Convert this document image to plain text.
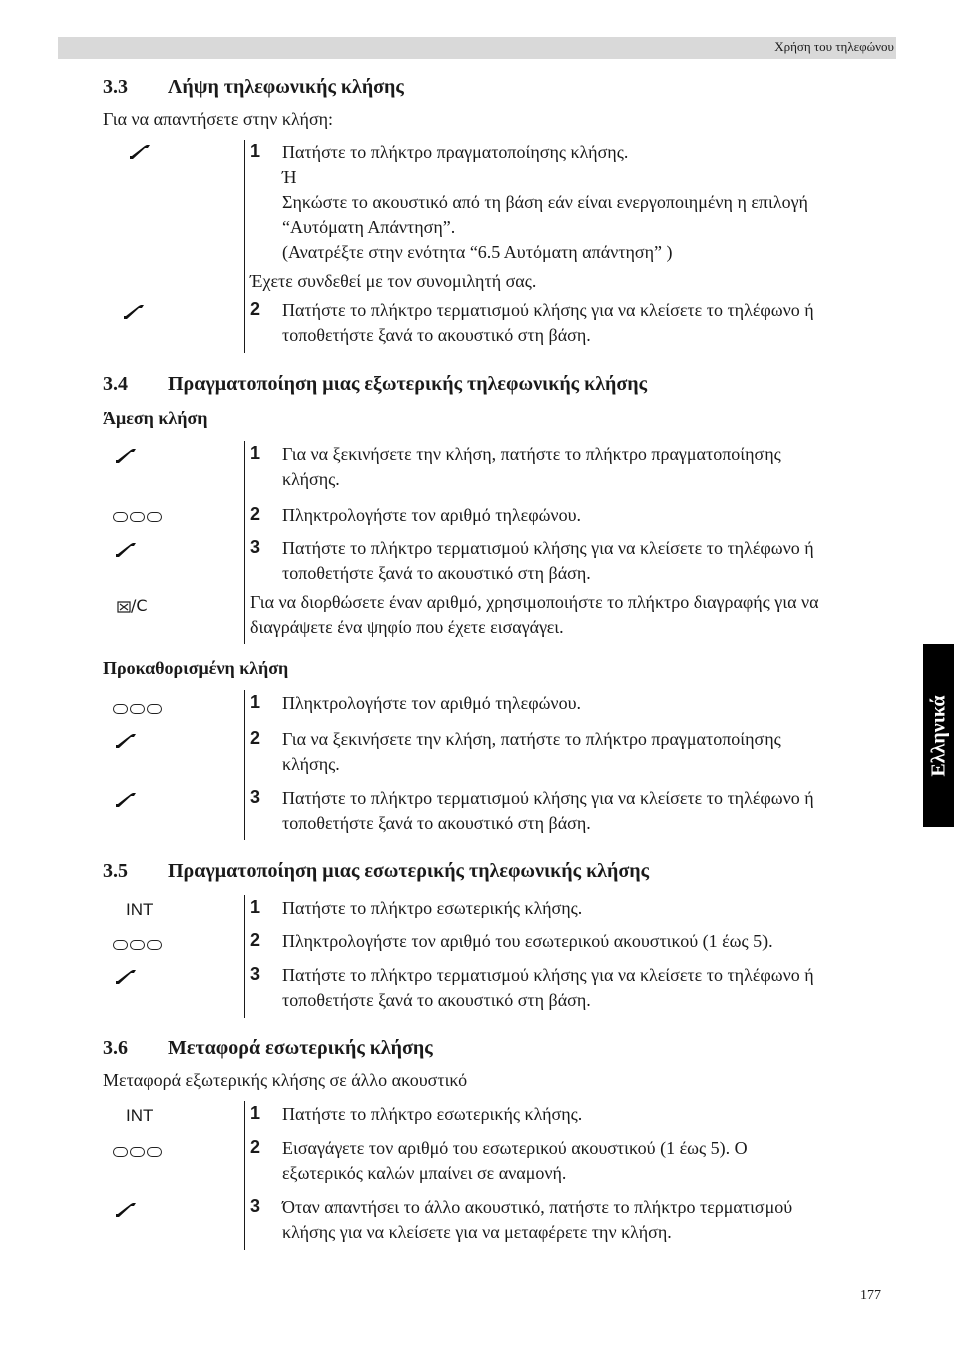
Χρήση του τηλεφώνου
Ελληνικά
3.3 Λήψη τηλεφωνικής κλήσης
Για να απαντήσετε στην κλήση:
1 Πατήστε το πλήκτρο πραγματοποίησης κλήσης.
Ή
Σηκώστε το ακουστικό από τη βάση εάν είναι ενεργοποιημένη η επιλογή
“Αυτόματη Απάντηση”.
(Ανατρέξτε στην ενότητα “6.5 Αυτόματη απάντηση” )
Έχετε συνδεθεί με τον συνομιλητή σας.
2 Πατήστε το πλήκτρο τερματισμού κλήσης για να κλείσετε το τηλέφωνο ή
τοποθετήστε ξανά το ακουστικό στη βάση.
3.4 Πραγματοποίηση μιας εξωτερικής τηλεφωνικής κλήσης
Άμεση κλήση
1 Για να ξεκινήσετε την κλήση, πατήστε το πλήκτρο πραγματοποίησης
κλήσης.
2 Πληκτρολογήστε τον αριθμό τηλεφώνου.
3 Πατήστε το πλήκτρο τερματισμού κλήσης για να κλείσετε το τηλέφωνο ή
τοποθετήστε ξανά το ακουστικό στη βάση.
/C	Για να διορθώσετε έναν αριθμό, χρησιμοποιήστε το πλήκτρο διαγραφής για να
διαγράψετε ένα ψηφίο που έχετε εισαγάγει.
Προκαθορισμένη κλήση
1 Πληκτρολογήστε τον αριθμό τηλεφώνου.
2 Για να ξεκινήσετε την κλήση, πατήστε το πλήκτρο πραγματοποίησης
κλήσης.
3 Πατήστε το πλήκτρο τερματισμού κλήσης για να κλείσετε το τηλέφωνο ή
τοποθετήστε ξανά το ακουστικό στη βάση.
3.5 Πραγματοποίηση μιας εσωτερικής τηλεφωνικής κλήσης
INT	1 Πατήστε το πλήκτρο εσωτερικής κλήσης.
2 Πληκτρολογήστε τον αριθμό του εσωτερικού ακουστικού (1 έως 5).
3 Πατήστε το πλήκτρο τερματισμού κλήσης για να κλείσετε το τηλέφωνο ή
τοποθετήστε ξανά το ακουστικό στη βάση.
3.6 Μεταφορά εσωτερικής κλήσης
Μεταφορά εξωτερικής κλήσης σε άλλο ακουστικό
INT	1 Πατήστε το πλήκτρο εσωτερικής κλήσης.
2 Εισαγάγετε τον αριθμό του εσωτερικού ακουστικού (1 έως 5). Ο
εξωτερικός καλών μπαίνει σε αναμονή.
3 Όταν απαντήσει το άλλο ακουστικό, πατήστε το πλήκτρο τερματισμού
κλήσης για να κλείσετε για να μεταφέρετε την κλήση.
177
